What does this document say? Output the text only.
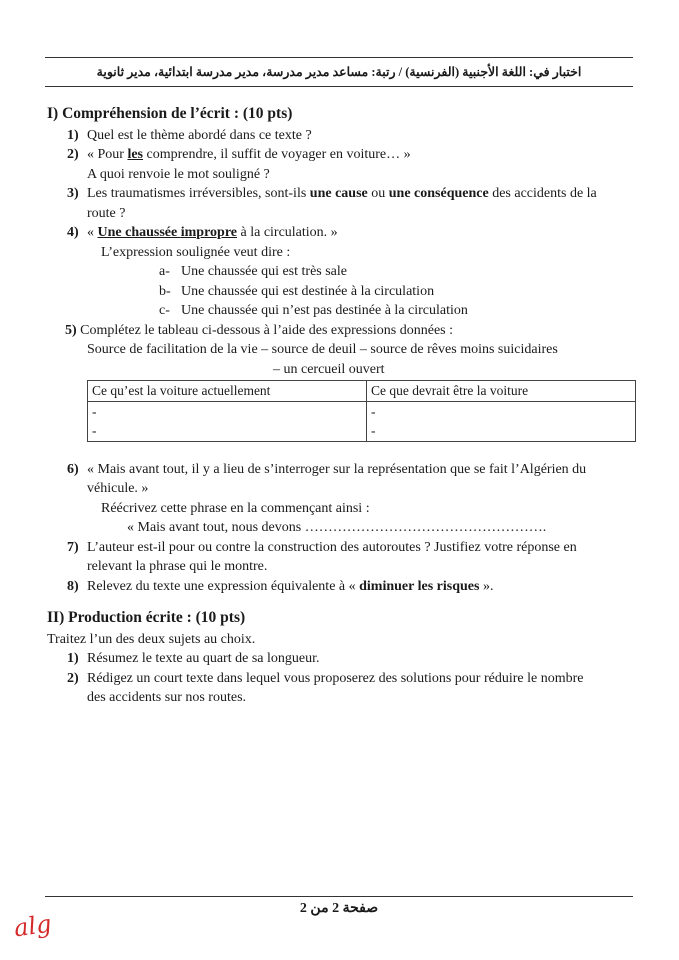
اختبار في: اللغة الأجنبية (الفرنسية) / رتبة: مساعد مدير مدرسة، مدير مدرسة ابتدائية، مدير ثانوية
I) Compréhension de l’écrit : (10 pts)
1) Quel est le thème abordé dans ce texte ?
2) « Pour les comprendre, il suffit de voyager en voiture… »
A quoi renvoie le mot souligné ?
3) Les traumatismes irréversibles, sont-ils une cause ou une conséquence des accidents de la
route ?
4) « Une chaussée impropre à la circulation. »
L’expression soulignée veut dire :
a- Une chaussée qui est très sale
b- Une chaussée qui est destinée à la circulation
c- Une chaussée qui n’est pas destinée à la circulation
5) Complétez le tableau ci-dessous à l’aide des expressions données :
Source de facilitation de la vie – source de deuil – source de rêves moins suicidaires
– un cercueil ouvert
Ce qu’est la voiture actuellement	Ce que devrait être la voiture
-	-
-	-
6) « Mais avant tout, il y a lieu de s’interroger sur la représentation que se fait l’Algérien du
véhicule. »
Réécrivez cette phrase en la commençant ainsi :
« Mais avant tout, nous devons …………………………………………….
7) L’auteur est-il pour ou contre la construction des autoroutes ? Justifiez votre réponse en
relevant la phrase qui le montre.
8) Relevez du texte une expression équivalente à « diminuer les risques ».
II) Production écrite : (10 pts)
Traitez l’un des deux sujets au choix.
1) Résumez le texte au quart de sa longueur.
2) Rédigez un court texte dans lequel vous proposerez des solutions pour réduire le nombre
des accidents sur nos routes.
صفحة 2 من 2
alg
